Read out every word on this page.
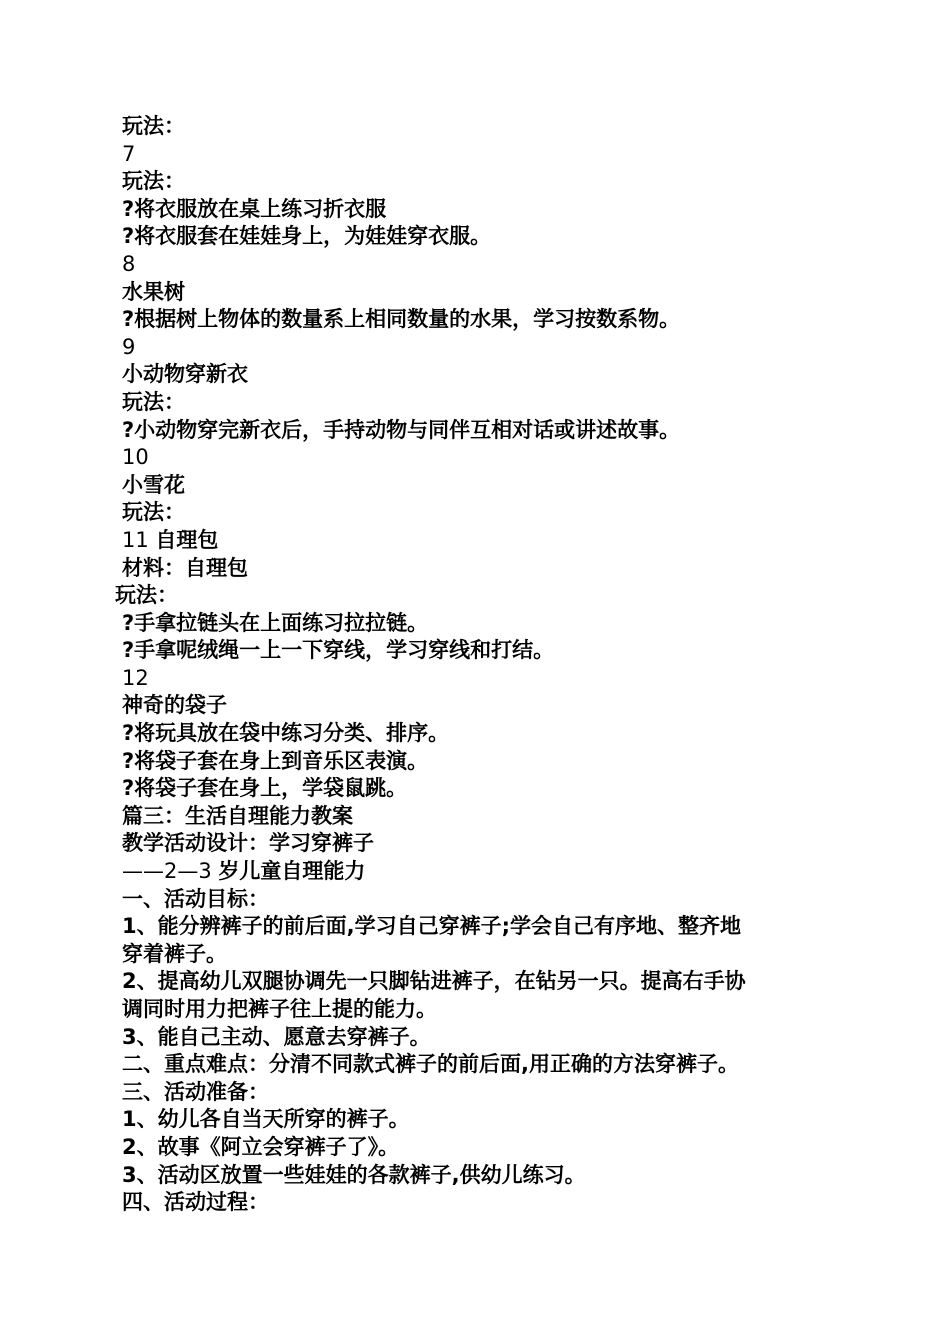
玩法：
7
玩法：
?将衣服放在桌上练习折衣服
?将衣服套在娃娃身上，为娃娃穿衣服。
8
水果树
?根据树上物体的数量系上相同数量的水果，学习按数系物。
9
小动物穿新衣
玩法：
?小动物穿完新衣后，手持动物与同伴互相对话或讲述故事。
10
小雪花
玩法：
11 自理包
材料：自理包
玩法：
?手拿拉链头在上面练习拉拉链。
?手拿呢绒绳一上一下穿线，学习穿线和打结。
12
神奇的袋子
?将玩具放在袋中练习分类、排序。
?将袋子套在身上到音乐区表演。
?将袋子套在身上，学袋鼠跳。
篇三：生活自理能力教案
教学活动设计：学习穿裤子
——2—3 岁儿童自理能力
一、活动目标：
1、能分辨裤子的前后面,学习自己穿裤子;学会自己有序地、整齐地
穿着裤子。
2、提高幼儿双腿协调先一只脚钻进裤子，在钻另一只。提高右手协
调同时用力把裤子往上提的能力。
3、能自己主动、愿意去穿裤子。
二、重点难点：分清不同款式裤子的前后面,用正确的方法穿裤子。
三、活动准备：
1、幼儿各自当天所穿的裤子。
2、故事《阿立会穿裤子了》。
3、活动区放置一些娃娃的各款裤子,供幼儿练习。
四、活动过程：
